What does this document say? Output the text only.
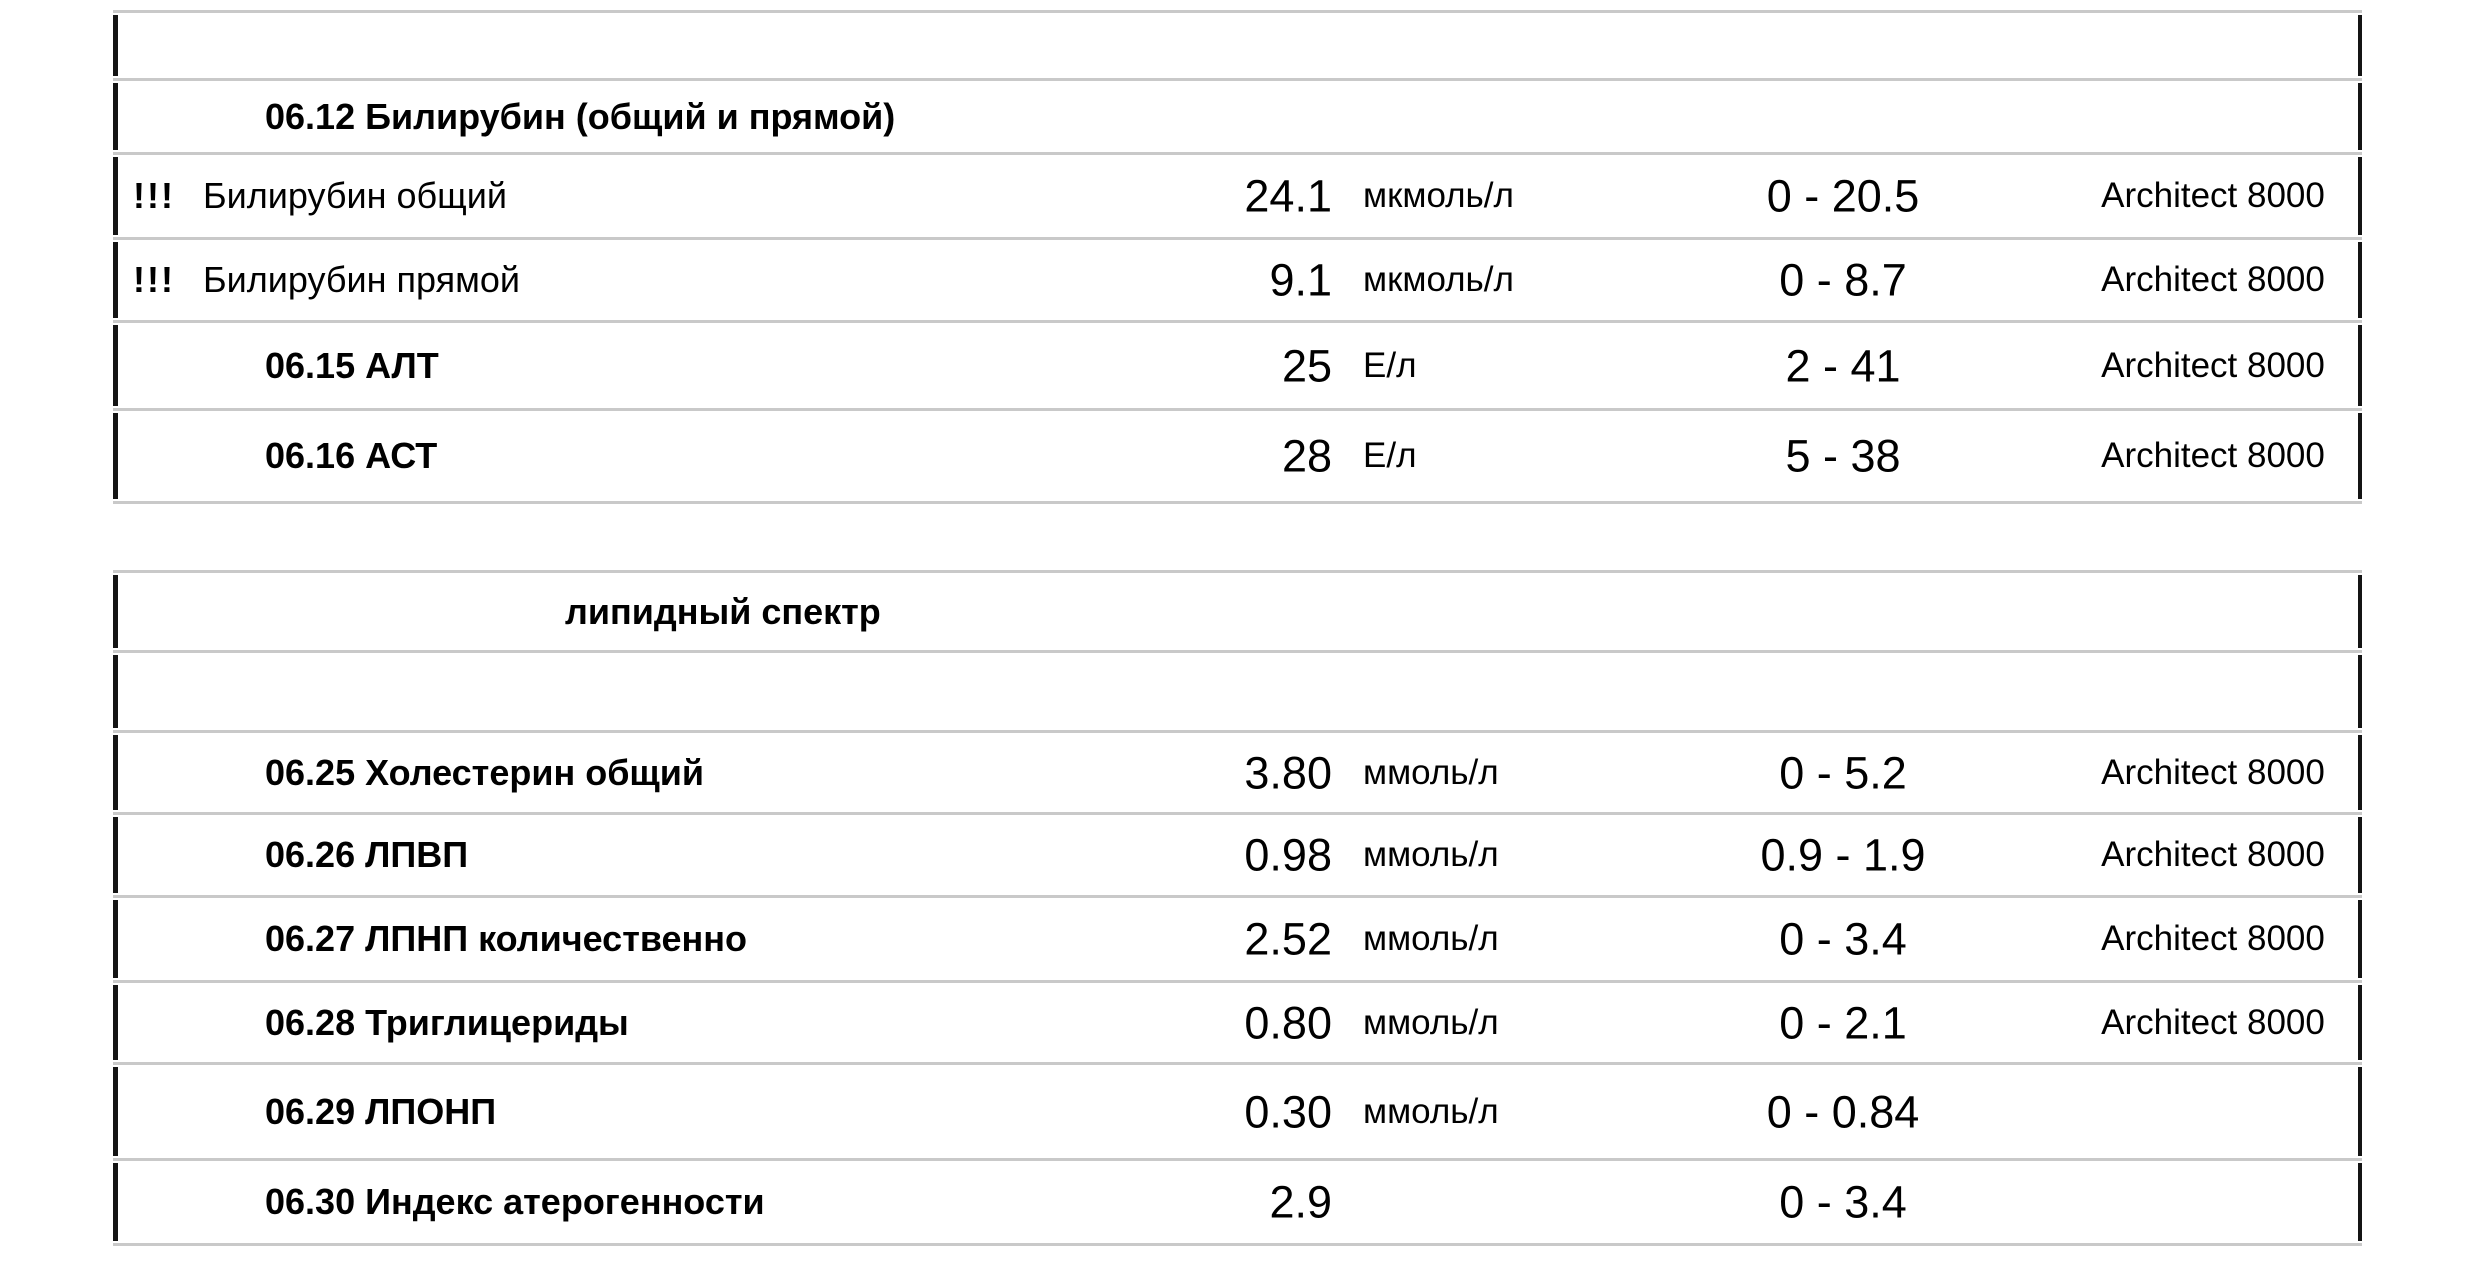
06.12 Билирубин (общий и прямой)
!!! Билирубин общий	24.1 мкмоль/л	0 - 20.5	Architect 8000
!!! Билирубин прямой	9.1 мкмоль/л	0 - 8.7	Architect 8000
06.15 АЛТ	25 Е/л	2 - 41	Architect 8000
06.16 АСТ	28 Е/л	5 - 38	Architect 8000
липидный спектр
06.25 Холестерин общий	3.80 ммоль/л	0 - 5.2	Architect 8000
06.26 ЛПВП	0.98 ммоль/л	0.9 - 1.9	Architect 8000
06.27 ЛПНП количественно	2.52 ммоль/л	0 - 3.4	Architect 8000
06.28 Триглицериды	0.80 ммоль/л	0 - 2.1	Architect 8000
06.29 ЛПОНП	0.30 ммоль/л	0 - 0.84
06.30 Индекс атерогенности	2.9	0 - 3.4
